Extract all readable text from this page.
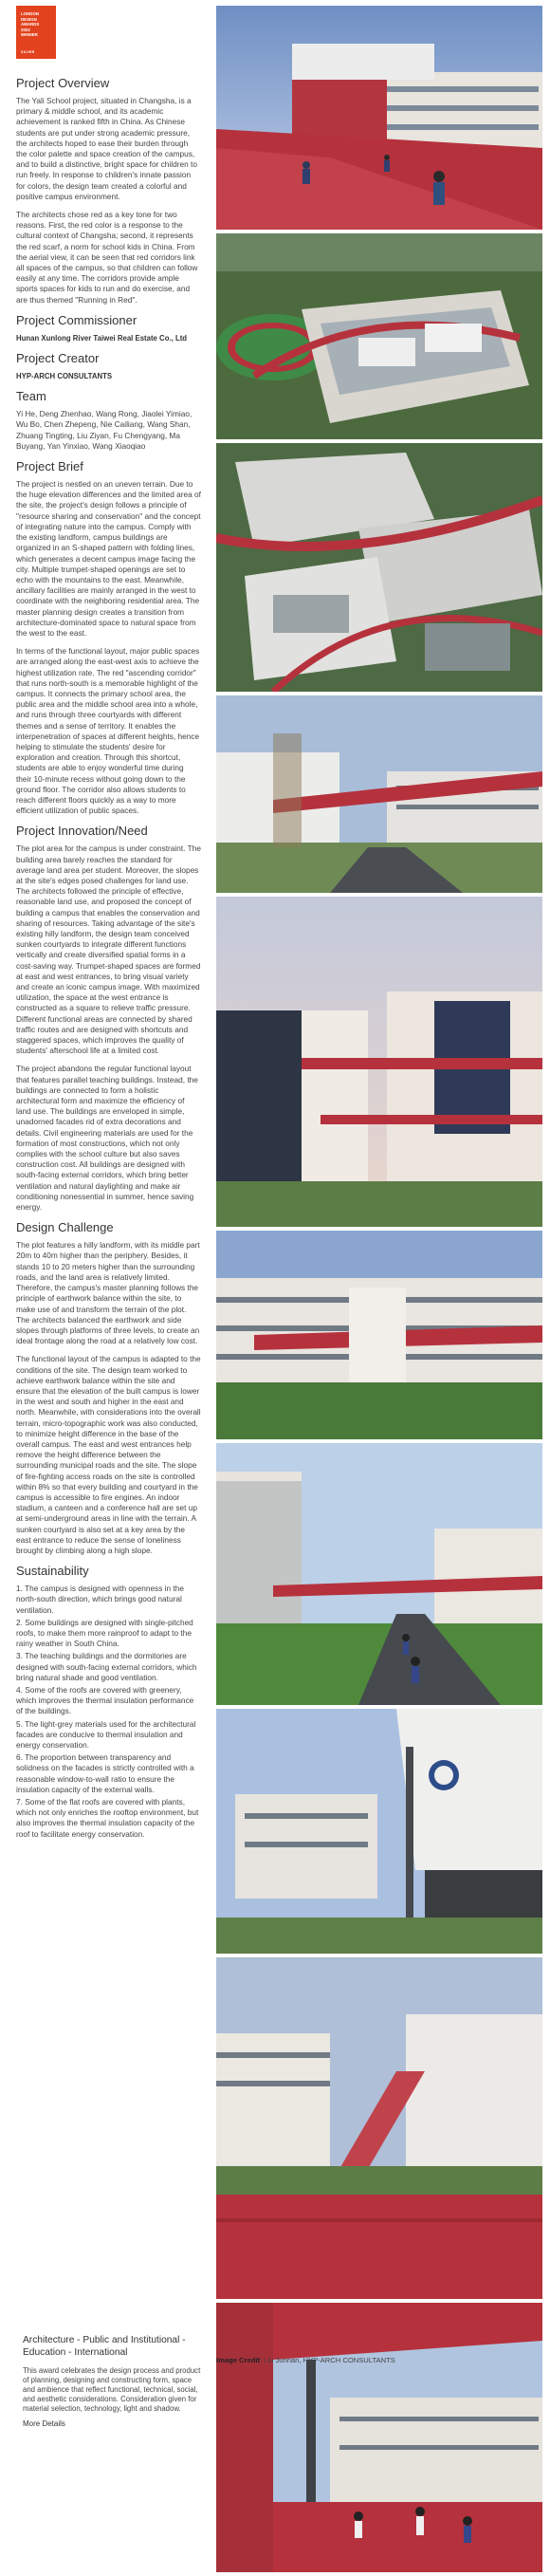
LONDON
DESIGN
AWARDS

2022
WINNER
SILVER
Project Overview

The Yali School project, situated in Changsha, is a primary & middle school, and its academic achievement is ranked fifth in China. As Chinese students are put under strong academic pressure, the architects hoped to ease their burden through the color palette and space creation of the campus, and to build a distinctive, bright space for children to run freely. In response to children's innate passion for colors, the design team created a colorful and positive campus environment.

The architects chose red as a key tone for two reasons. First, the red color is a response to the cultural context of Changsha; second, it represents the red scarf, a norm for school kids in China. From the aerial view, it can be seen that red corridors link all spaces of the campus, so that children can follow easily at any time. The corridors provide ample sports spaces for kids to run and do exercise, and are thus themed "Running in Red".

Project Commissioner

Hunan Xunlong River Taiwei Real Estate Co., Ltd

Project Creator

HYP-ARCH CONSULTANTS

Team

Yi He, Deng Zhenhao, Wang Rong, Jiaolei Yimiao, Wu Bo, Chen Zhepeng, Nie Cailiang, Wang Shan, Zhuang Tingting, Liu Ziyan, Fu Chengyang, Ma Buyang, Yan Yinxiao, Wang Xiaoqiao

Project Brief

The project is nestled on an uneven terrain. Due to the huge elevation differences and the limited area of the site, the project's design follows a principle of "resource sharing and conservation" and the concept of integrating nature into the campus. Comply with the existing landform, campus buildings are organized in an S-shaped pattern with folding lines, which generates a decent campus image facing the city. Multiple trumpet-shaped openings are set to echo with the mountains to the east. Meanwhile, ancillary facilities are mainly arranged in the west to coordinate with the neighboring residential area. The master planning design creates a transition from architecture-dominated space to natural space from the west to the east.

In terms of the functional layout, major public spaces are arranged along the east-west axis to achieve the highest utilization rate. The red "ascending corridor" that runs north-south is a memorable highlight of the campus. It connects the primary school area, the public area and the middle school area into a whole, and runs through three courtyards with different themes and a sense of territory. It enables the interpenetration of spaces at different heights, hence helping to stimulate the students' desire for exploration and creation. Through this shortcut, students are able to enjoy wonderful time during their 10-minute recess without going down to the ground floor. The corridor also allows students to reach different floors quickly as a way to more efficient utilization of public spaces.

Project Innovation/Need

The plot area for the campus is under constraint. The building area barely reaches the standard for average land area per student. Moreover, the slopes at the site's edges posed challenges for land use. The architects followed the principle of effective, reasonable land use, and proposed the concept of building a campus that enables the conservation and sharing of resources. Taking advantage of the site's existing hilly landform, the design team conceived sunken courtyards to integrate different functions vertically and create diversified spatial forms in a cost-saving way. Trumpet-shaped spaces are formed at east and west entrances, to bring visual variety and create an iconic campus image. With maximized utilization, the space at the west entrance is constructed as a square to relieve traffic pressure. Different functional areas are connected by shared traffic routes and are designed with shortcuts and staggered spaces, which improves the quality of students' afterschool life at a limited cost.

The project abandons the regular functional layout that features parallel teaching buildings. Instead, the buildings are connected to form a holistic architectural form and maximize the efficiency of land use. The buildings are enveloped in simple, unadorned facades rid of extra decorations and details. Civil engineering materials are used for the formation of most constructions, which not only complies with the school culture but also saves construction cost. All buildings are designed with south-facing external corridors, which bring better ventilation and natural daylighting and make air conditioning nonessential in summer, hence saving energy.

Design Challenge

The plot features a hilly landform, with its middle part 20m to 40m higher than the periphery. Besides, it stands 10 to 20 meters higher than the surrounding roads, and the land area is relatively limited. Therefore, the campus's master planning follows the principle of earthwork balance within the site, to make use of and transform the terrain of the plot. The architects balanced the earthwork and side slopes through platforms of three levels, to create an ideal frontage along the road at a relatively low cost.

The functional layout of the campus is adapted to the conditions of the site. The design team worked to achieve earthwork balance within the site and ensure that the elevation of the built campus is lower in the west and south and higher in the east and north. Meanwhile, with considerations into the overall terrain, micro-topographic work was also conducted, to minimize height difference in the base of the overall campus. The east and west entrances help remove the height difference between the surrounding municipal roads and the site. The slope of fire-fighting access roads on the site is controlled within 8% so that every building and courtyard in the campus is accessible to fire engines. An indoor stadium, a canteen and a conference hall are set up at semi-underground areas in line with the terrain. A sunken courtyard is also set at a key area by the east entrance to reduce the sense of loneliness brought by climbing along a high slope.

Sustainability

1. The campus is designed with openness in the north-south direction, which brings good natural ventilation.

2. Some buildings are designed with single-pitched roofs, to make them more rainproof to adapt to the rainy weather in South China.

3. The teaching buildings and the dormitories are designed with south-facing external corridors, which bring natural shade and good ventilation.

4. Some of the roofs are covered with greenery, which improves the thermal insulation performance of the buildings.

5. The light-grey materials used for the architectural facades are conducive to thermal insulation and energy conservation.

6. The proportion between transparency and solidness on the facades is strictly controlled with a reasonable window-to-wall ratio to ensure the insulation capacity of the external walls.

7. Some of the flat roofs are covered with plants, which not only enriches the rooftop environment, but also improves the thermal insulation capacity of the roof to facilitate energy conservation.

Architecture - Public and Institutional - Education - International

This award celebrates the design process and product of planning, designing and constructing form, space and ambience that reflect functional, technical, social, and aesthetic considerations. Consideration given for material selection, technology, light and shadow.

More Details
Image Credit: Liu Junnan, HYP-ARCH CONSULTANTS
